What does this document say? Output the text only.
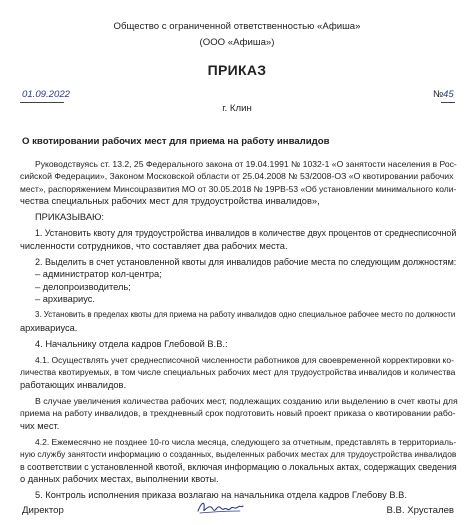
Общество с ограниченной ответственностью «Афиша»
(ООО «Афиша»)
ПРИКАЗ
01.09.2022	№ 45
г. Клин
О квотировании рабочих мест для приема на работу инвалидов
Руководствуясь ст. 13.2, 25 Федерального закона от 19.04.1991 № 1032-1 «О занятости населения в Рос-
сийской Федерации», Законом Московской области от 25.04.2008 № 53/2008-ОЗ «О квотировании рабочих
мест», распоряжением Минсоцразвития МО от 30.05.2018 № 19РВ-53 «Об установлении минимального коли-
чества специальных рабочих мест для трудоустройства инвалидов»,
ПРИКАЗЫВАЮ:
1. Установить квоту для трудоустройства инвалидов в количестве двух процентов от среднесписочной
численности сотрудников, что составляет два рабочих места.
2. Выделить в счет установленной квоты для инвалидов рабочие места по следующим должностям:
– администратор кол-центра;
– делопроизводитель;
– архивариус.
3. Установить в пределах квоты для приема на работу инвалидов одно специальное рабочее место по должности
архивариуса.
4. Начальнику отдела кадров Глебовой В.В.:
4.1. Осуществлять учет среднесписочной численности работников для своевременной корректировки ко-
личества квотируемых, в том числе специальных рабочих мест для трудоустройства инвалидов и количества
работающих инвалидов.
В случае увеличения количества рабочих мест, подлежащих созданию или выделению в счет квоты для
приема на работу инвалидов, в трехдневный срок подготовить новый проект приказа о квотировании рабо-
чих мест.
4.2. Ежемесячно не позднее 10-го числа месяца, следующего за отчетным, представлять в территориаль-
ную службу занятости информацию о созданных, выделенных рабочих местах для трудоустройства инвалидов
в соответствии с установленной квотой, включая информацию о локальных актах, содержащих сведения
о данных рабочих местах, выполнении квоты.
5. Контроль исполнения приказа возлагаю на начальника отдела кадров Глебову В.В.
Директор	В.В. Хрусталев
